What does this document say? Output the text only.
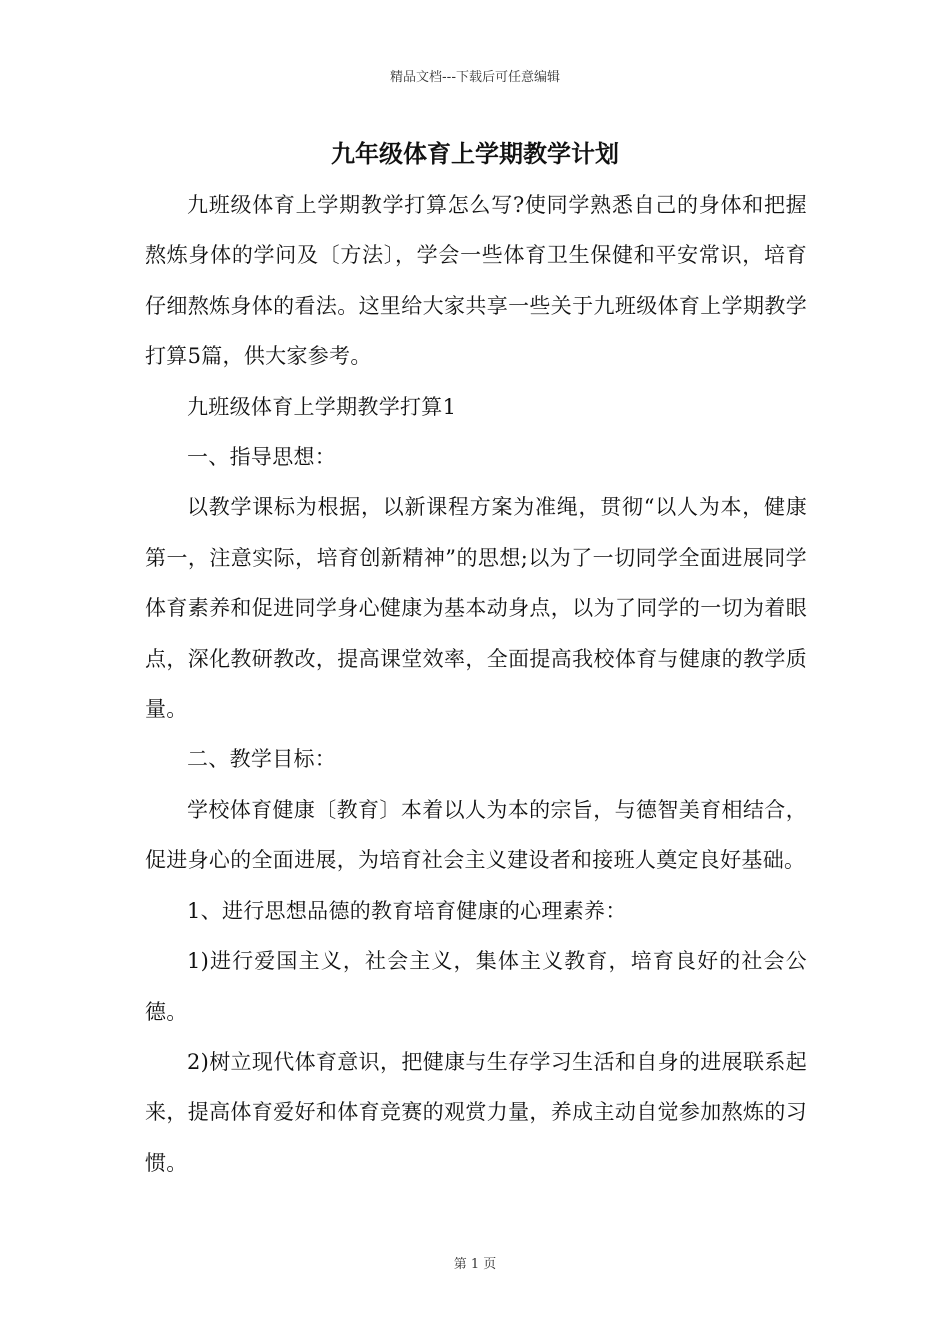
精品文档---下载后可任意编辑
九年级体育上学期教学计划

九班级体育上学期教学打算怎么写?使同学熟悉自己的身体和把握熬炼身体的学问及〔方法〕，学会一些体育卫生保健和平安常识，培育仔细熬炼身体的看法。这里给大家共享一些关于九班级体育上学期教学打算5篇，供大家参考。

九班级体育上学期教学打算1

一、指导思想：

以教学课标为根据，以新课程方案为准绳，贯彻“以人为本，健康第一，注意实际，培育创新精神”的思想;以为了一切同学全面进展同学体育素养和促进同学身心健康为基本动身点，以为了同学的一切为着眼点，深化教研教改，提高课堂效率，全面提高我校体育与健康的教学质量。

二、教学目标：

学校体育健康〔教育〕本着以人为本的宗旨，与德智美育相结合，促进身心的全面进展，为培育社会主义建设者和接班人奠定良好基础。

1、进行思想品德的教育培育健康的心理素养：

1)进行爱国主义，社会主义，集体主义教育，培育良好的社会公德。

2)树立现代体育意识，把健康与生存学习生活和自身的进展联系起来，提高体育爱好和体育竞赛的观赏力量，养成主动自觉参加熬炼的习惯。

第 1 页
